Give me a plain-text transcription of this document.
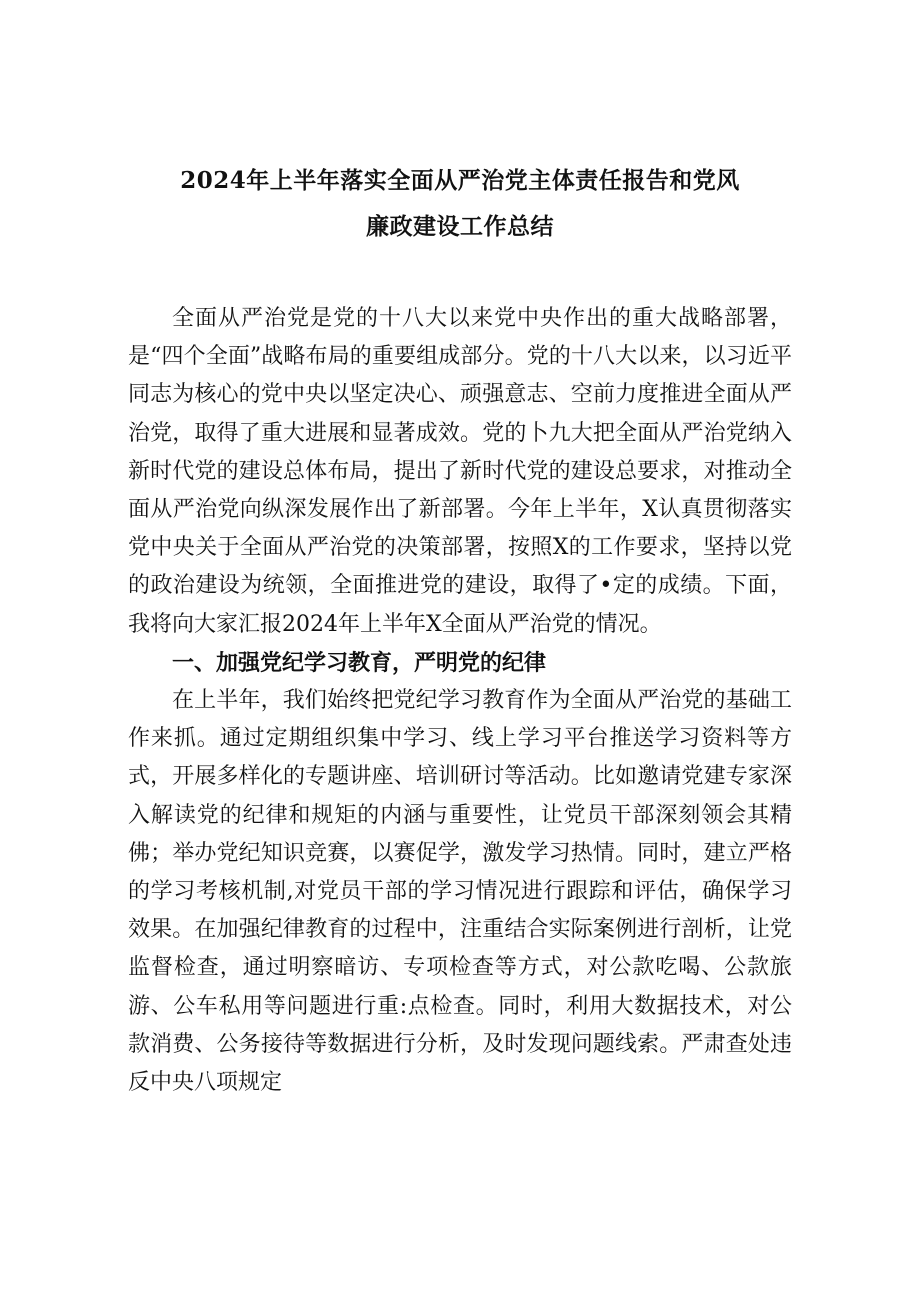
2024年上半年落实全面从严治党主体责任报告和党风
廉政建设工作总结

全面从严治党是党的十八大以来党中央作出的重大战略部署，是“四个全面”战略布局的重要组成部分。党的十八大以来，以习近平同志为核心的党中央以坚定决心、顽强意志、空前力度推进全面从严治党，取得了重大进展和显著成效。党的卜九大把全面从严治党纳入新时代党的建设总体布局，提出了新时代党的建设总要求，对推动全面从严治党向纵深发展作出了新部署。今年上半年，X认真贯彻落实党中央关于全面从严治党的决策部署，按照X的工作要求，坚持以党的政治建设为统领，全面推进党的建设，取得了•定的成绩。下面，我将向大家汇报2024年上半年X全面从严治党的情况。

一、加强党纪学习教育，严明党的纪律

在上半年，我们始终把党纪学习教育作为全面从严治党的基础工作来抓。通过定期组织集中学习、线上学习平台推送学习资料等方式，开展多样化的专题讲座、培训研讨等活动。比如邀请党建专家深入解读党的纪律和规矩的内涵与重要性，让党员干部深刻领会其精佛；举办党纪知识竞赛，以赛促学，激发学习热情。同时，建立严格的学习考核机制,对党员干部的学习情况进行跟踪和评估，确保学习效果。在加强纪律教育的过程中，注重结合实际案例进行剖析，让党监督检查，通过明察暗访、专项检查等方式，对公款吃喝、公款旅游、公车私用等问题进行重:点检查。同时，利用大数据技术，对公款消费、公务接待等数据进行分析，及时发现问题线索。严肃查处违反中央八项规定
